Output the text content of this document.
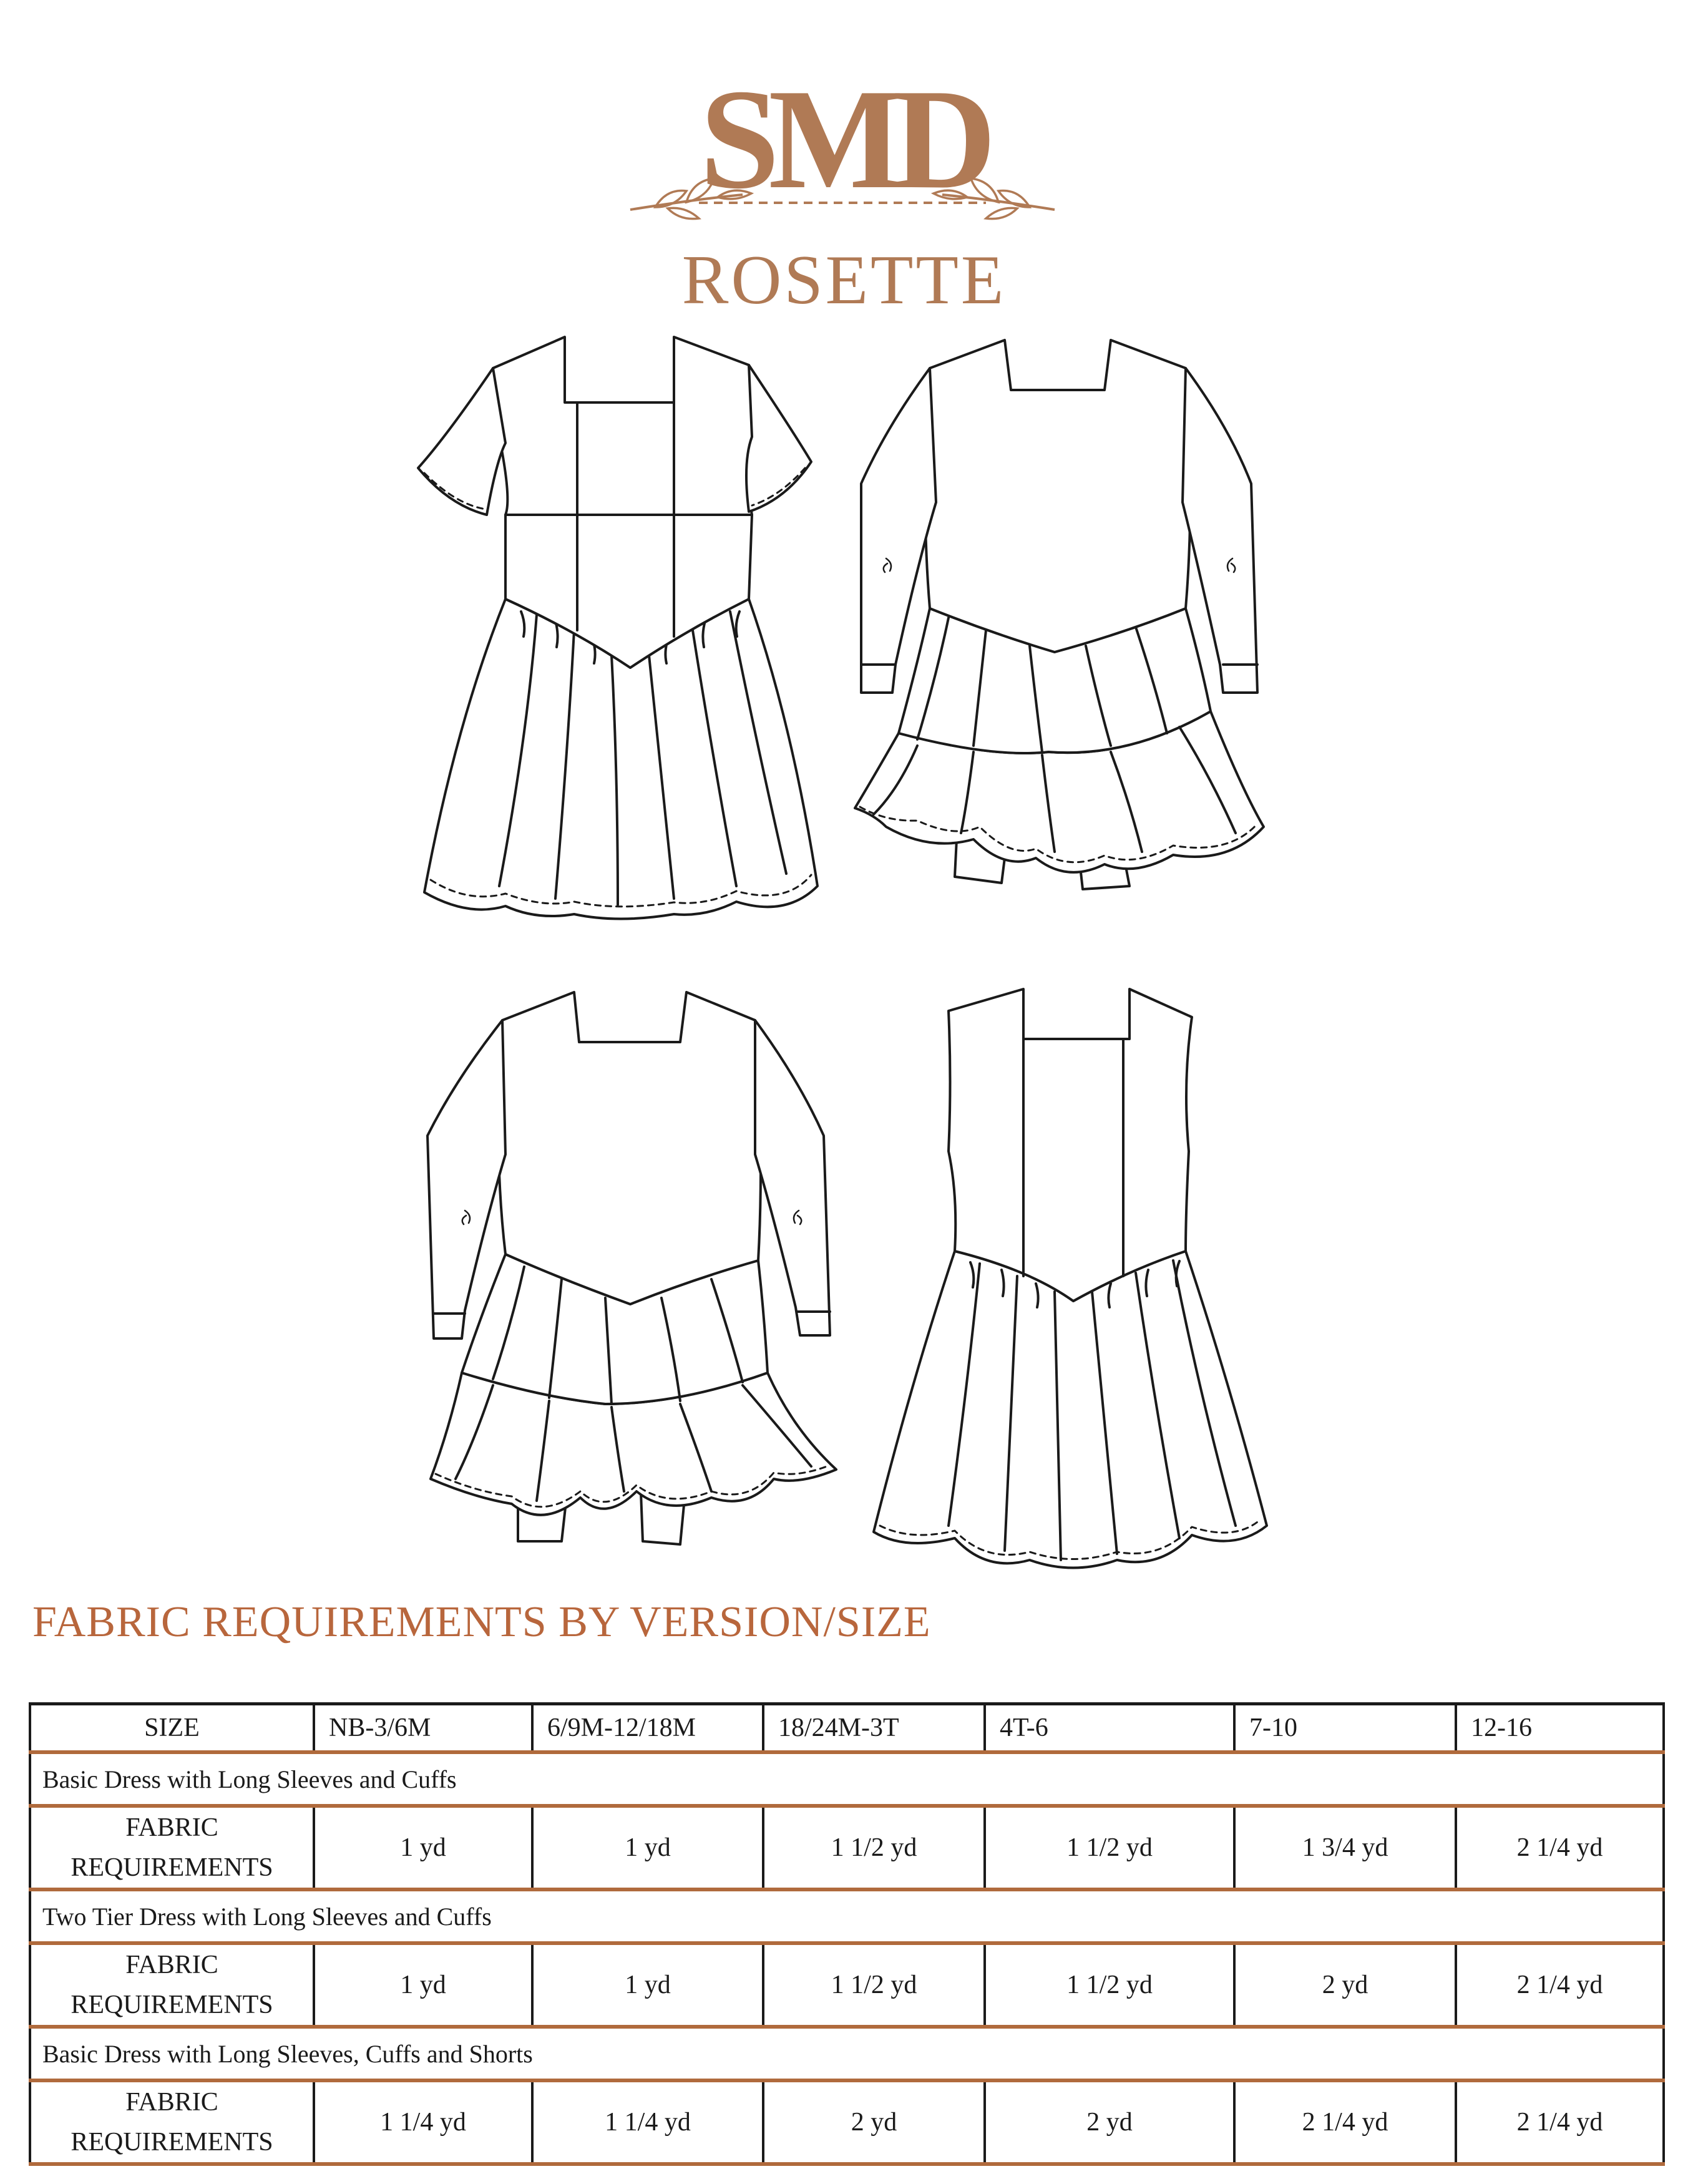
SMD
ROSETTE
FABRIC REQUIREMENTS BY VERSION/SIZE
SIZE	NB-3/6M	6/9M-12/18M	18/24M-3T	4T-6	7-10	12-16
Basic Dress with Long Sleeves and Cuffs						
FABRIC
REQUIREMENTS	1 yd	1 yd	1 1/2 yd	1 1/2 yd	1 3/4 yd	2 1/4 yd
Two Tier Dress with Long Sleeves and Cuffs						
FABRIC
REQUIREMENTS	1 yd	1 yd	1 1/2 yd	1 1/2 yd	2 yd	2 1/4 yd
Basic Dress with Long Sleeves, Cuffs and Shorts						
FABRIC
REQUIREMENTS	1 1/4 yd	1 1/4 yd	2 yd	2 yd	2 1/4 yd	2 1/4 yd
